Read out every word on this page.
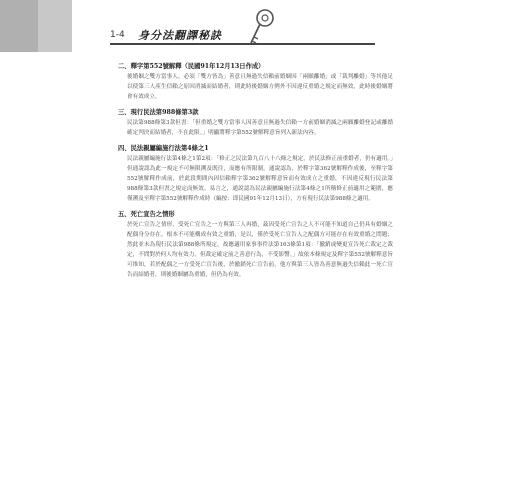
1-4 身分法翻譯秘訣
二、釋字第552號解釋（民國91年12月13日作成）
後婚姻之雙方當事人，必須「雙方皆為」善意且無過失信賴前婚姻因「兩願離婚」或「裁判離婚」等其他足以使第三人產生信賴之原因消滅而結婚者，則此時後婚姻方例外不因違反重婚之規定而無效，此時後婚姻將會有效成立。
三、現行民法第988條第3款
民法第988條第3款但書：「但重婚之雙方當事人因善意且無過失信賴一方前婚姻消滅之兩願離婚登記或離婚確定判決而結婚者，不在此限。」明顯將釋字第552號解釋意旨列入新法內容。
四、民法親屬編施行法第4條之1
民法親屬編施行法第4條之1第2項：「修正之民法第九百八十八條之規定，於民法修正前重婚者，仍有適用。」但通說認為此一規定不可無限溯及既往，而應有所限制，通說認為，於釋字第362號解釋作成後，至釋字第552號解釋作成前，於此段期間內因信賴釋字第362號解釋意旨而有效成立之重婚，不因違反現行民法第988條第3款但書之規定而無效。易言之，通說認為民法親屬編施行法第4條之1所稱修正前適用之範圍，應僅溯及至釋字第552號解釋作成時（編按：即民國91年12月13日），方有現行民法第988條之適用。
五、死亡宣告之情形
於死亡宣告之情形，受死亡宣告之一方與第三人再婚，茲因受死亡宣告之人不可能不知道自己仍具有婚姻之配偶身分存在，根本不可能構成有效之重婚，是以，僅於受死亡宣告人之配偶方可能存在有效重婚之問題；然此並未為現行民法第988條所規定，故應適用家事事件法第163條第1項：「撤銷或變更宣告死亡裁定之裁定，不問對於何人均有效力，但裁定確定前之善意行為，不受影響。」故依本條規定及釋字第552號解釋意旨可推知，若於配偶之一方受死亡宣告後，於撤銷死亡宣告前，他方與第三人皆為善意無過失信賴此一死亡宣告而結婚者，則後婚姻屬為重婚，但仍為有效。
